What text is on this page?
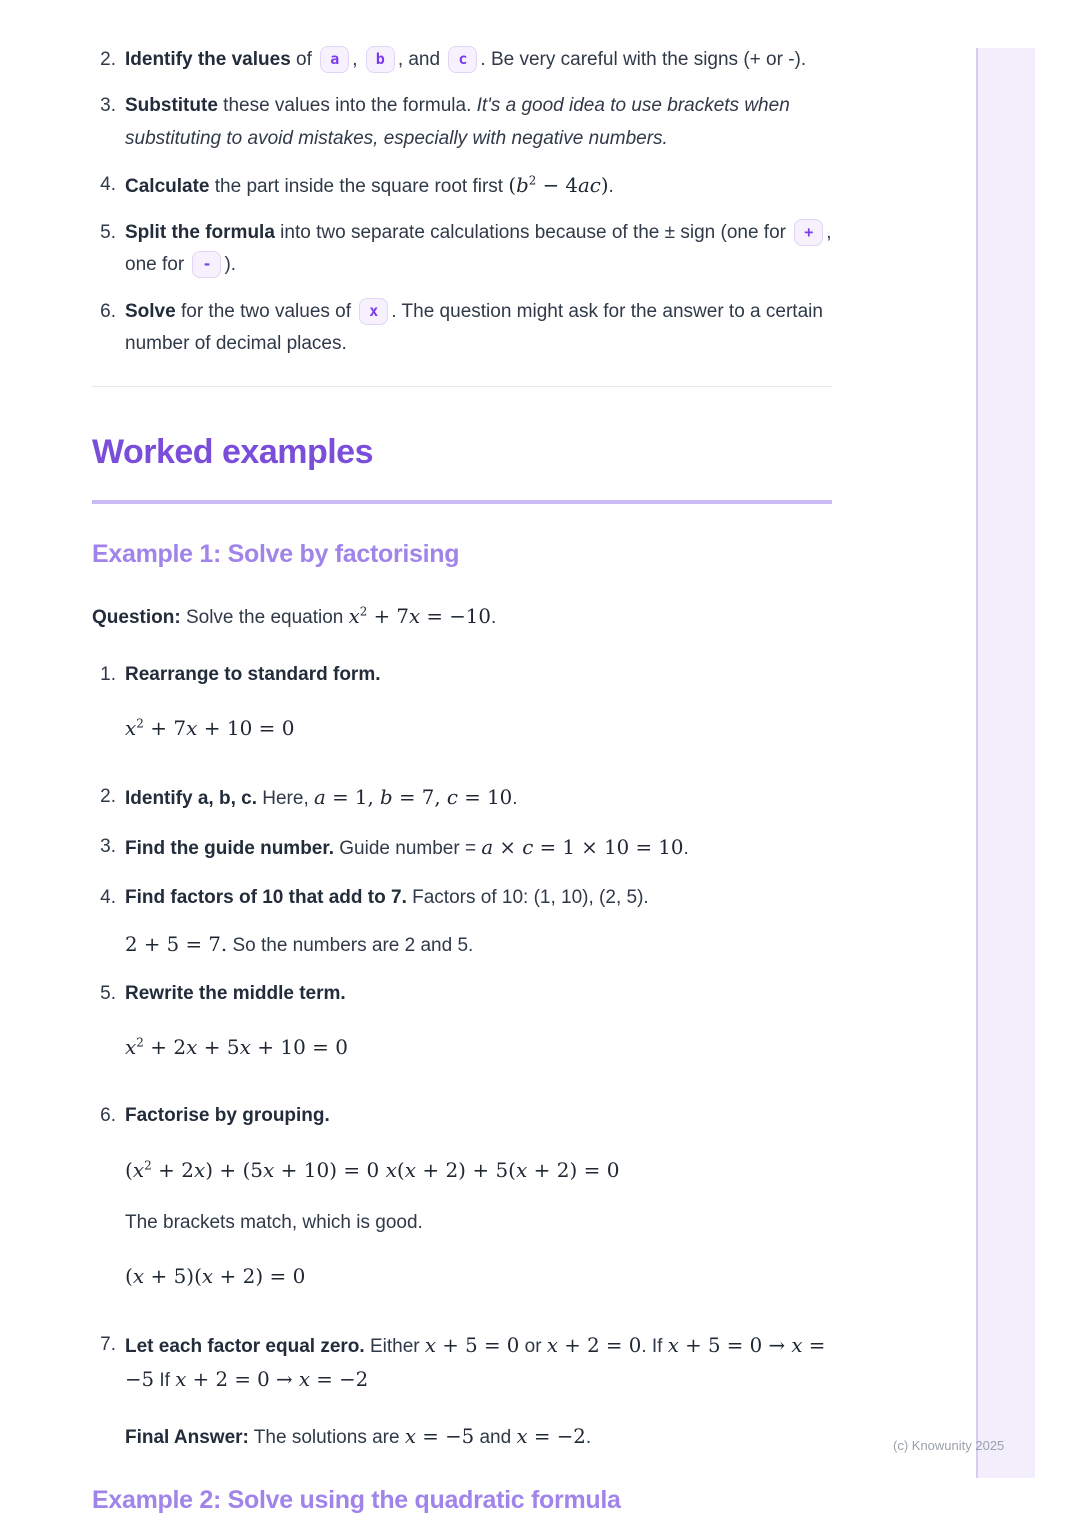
2. Identify the values of a , b , and c . Be very careful with the signs (+ or -).
3. Substitute these values into the formula. It's a good idea to use brackets when substituting to avoid mistakes, especially with negative numbers.
4. Calculate the part inside the square root first $(b^2 - 4ac)$.
5. Split the formula into two separate calculations because of the ± sign (one for + , one for - ).
6. Solve for the two values of x . The question might ask for the answer to a certain number of decimal places.
Worked examples
Example 1: Solve by factorising
Question: Solve the equation $x^2 + 7x = -10$.
1. Rearrange to standard form.
$x^2 + 7x + 10 = 0$
2. Identify a, b, c. Here, a = 1, b = 7, c = 10.
3. Find the guide number. Guide number = a × c = 1 × 10 = 10.
4. Find factors of 10 that add to 7. Factors of 10: (1, 10), (2, 5).
2 + 5 = 7. So the numbers are 2 and 5.
5. Rewrite the middle term.
$x^2 + 2x + 5x + 10 = 0$
6. Factorise by grouping.
$(x^2 + 2x) + (5x + 10) = 0$ x(x + 2) + 5(x + 2) = 0
The brackets match, which is good.
(x + 5)(x + 2) = 0
7. Let each factor equal zero. Either x + 5 = 0 or x + 2 = 0. If x + 5 = 0 → x = −5 If x + 2 = 0 → x = −2
Final Answer: The solutions are x = −5 and x = −2.
Example 2: Solve using the quadratic formula
(c) Knowunity 2025
